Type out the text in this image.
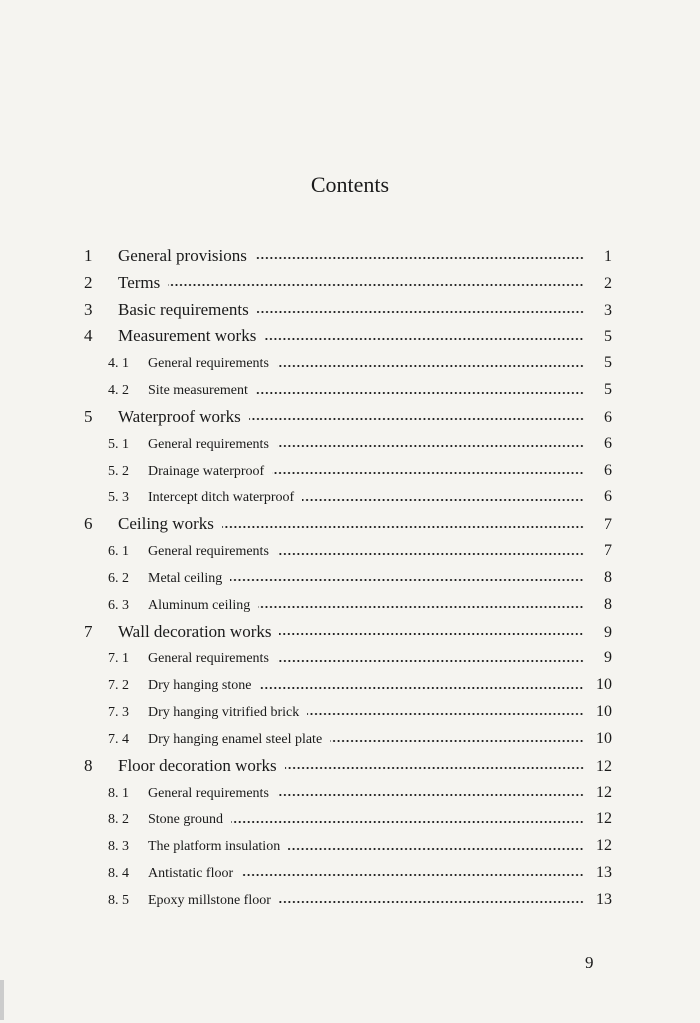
Contents
1	General provisions	1
2	Terms	2
3	Basic requirements	3
4	Measurement works	5
4. 1	General requirements	5
4. 2	Site measurement	5
5	Waterproof works	6
5. 1	General requirements	6
5. 2	Drainage waterproof	6
5. 3	Intercept ditch waterproof	6
6	Ceiling works	7
6. 1	General requirements	7
6. 2	Metal ceiling	8
6. 3	Aluminum ceiling	8
7	Wall decoration works	9
7. 1	General requirements	9
7. 2	Dry hanging stone	10
7. 3	Dry hanging vitrified brick	10
7. 4	Dry hanging enamel steel plate	10
8	Floor decoration works	12
8. 1	General requirements	12
8. 2	Stone ground	12
8. 3	The platform insulation	12
8. 4	Antistatic floor	13
8. 5	Epoxy millstone floor	13
9
